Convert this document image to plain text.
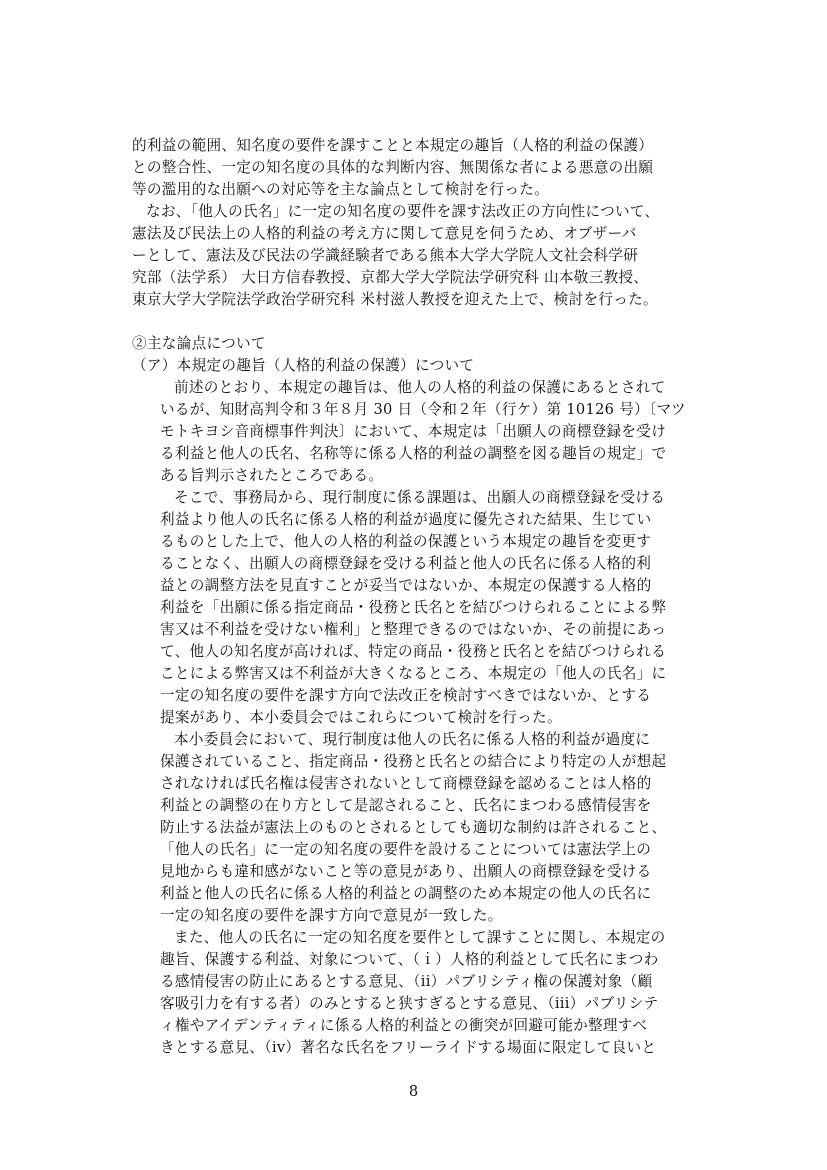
的利益の範囲、知名度の要件を課すことと本規定の趣旨（人格的利益の保護）
との整合性、一定の知名度の具体的な判断内容、無関係な者による悪意の出願
等の濫用的な出願への対応等を主な論点として検討を行った。
なお、「他人の氏名」に一定の知名度の要件を課す法改正の方向性について、
憲法及び民法上の人格的利益の考え方に関して意見を伺うため、オブザーバ
ーとして、憲法及び民法の学識経験者である熊本大学大学院人文社会科学研
究部（法学系） 大日方信春教授、京都大学大学院法学研究科 山本敬三教授、
東京大学大学院法学政治学研究科 米村滋人教授を迎えた上で、検討を行った。
②主な論点について
（ア）本規定の趣旨（人格的利益の保護）について
前述のとおり、本規定の趣旨は、他人の人格的利益の保護にあるとされて
いるが、知財高判令和３年８月 30 日（令和２年（行ケ）第 10126 号）〔マツ
モトキヨシ音商標事件判決〕において、本規定は「出願人の商標登録を受け
る利益と他人の氏名、名称等に係る人格的利益の調整を図る趣旨の規定」で
ある旨判示されたところである。
そこで、事務局から、現行制度に係る課題は、出願人の商標登録を受ける
利益より他人の氏名に係る人格的利益が過度に優先された結果、生じてい
るものとした上で、他人の人格的利益の保護という本規定の趣旨を変更す
ることなく、出願人の商標登録を受ける利益と他人の氏名に係る人格的利
益との調整方法を見直すことが妥当ではないか、本規定の保護する人格的
利益を「出願に係る指定商品・役務と氏名とを結びつけられることによる弊
害又は不利益を受けない権利」と整理できるのではないか、その前提にあっ
て、他人の知名度が高ければ、特定の商品・役務と氏名とを結びつけられる
ことによる弊害又は不利益が大きくなるところ、本規定の「他人の氏名」に
一定の知名度の要件を課す方向で法改正を検討すべきではないか、とする
提案があり、本小委員会ではこれらについて検討を行った。
本小委員会において、現行制度は他人の氏名に係る人格的利益が過度に
保護されていること、指定商品・役務と氏名との結合により特定の人が想起
されなければ氏名権は侵害されないとして商標登録を認めることは人格的
利益との調整の在り方として是認されること、氏名にまつわる感情侵害を
防止する法益が憲法上のものとされるとしても適切な制約は許されること、
「他人の氏名」に一定の知名度の要件を設けることについては憲法学上の
見地からも違和感がないこと等の意見があり、出願人の商標登録を受ける
利益と他人の氏名に係る人格的利益との調整のため本規定の他人の氏名に
一定の知名度の要件を課す方向で意見が一致した。
また、他人の氏名に一定の知名度を要件として課すことに関し、本規定の
趣旨、保護する利益、対象について、（ｉ）人格的利益として氏名にまつわ
る感情侵害の防止にあるとする意見、（ii）パブリシティ権の保護対象（顧
客吸引力を有する者）のみとすると狭すぎるとする意見、（iii）パブリシテ
ィ権やアイデンティティに係る人格的利益との衝突が回避可能か整理すべ
きとする意見、（iv）著名な氏名をフリーライドする場面に限定して良いと
8
